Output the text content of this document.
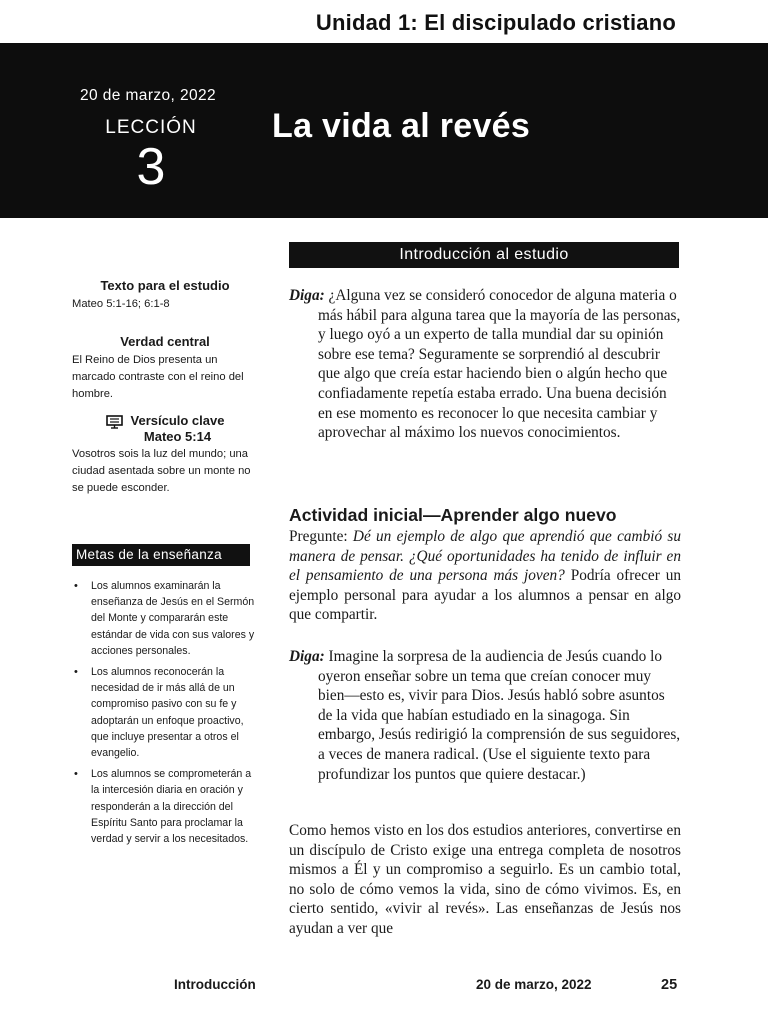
Unidad 1: El discipulado cristiano
20 de marzo, 2022
LECCIÓN
3
La vida al revés
Texto para el estudio

Mateo 5:1-16; 6:1-8

Verdad central

El Reino de Dios presenta un marcado contraste con el reino del hombre.

Versículo clave
Mateo 5:14

Vosotros sois la luz del mundo; una ciudad asentada sobre un monte no se puede esconder.

Metas de la enseñanza
• Los alumnos examinarán la enseñanza de Jesús en el Sermón del Monte y compararán este estándar de vida con sus valores y acciones personales.
• Los alumnos reconocerán la necesidad de ir más allá de un compromiso pasivo con su fe y adoptarán un enfoque proactivo, que incluye presentar a otros el evangelio.
• Los alumnos se comprometerán a la intercesión diaria en oración y responderán a la dirección del Espíritu Santo para proclamar la verdad y servir a los necesitados.
Introducción al estudio

Diga: ¿Alguna vez se consideró conocedor de alguna materia o más hábil para alguna tarea que la mayoría de las personas, y luego oyó a un experto de talla mundial dar su opinión sobre ese tema? Seguramente se sorprendió al descubrir que algo que creía estar haciendo bien o algún hecho que confiadamente repetía estaba errado. Una buena decisión en ese momento es reconocer lo que necesita cambiar y aprovechar al máximo los nuevos conocimientos.

Actividad inicial—Aprender algo nuevo

Pregunte: Dé un ejemplo de algo que aprendió que cambió su manera de pensar. ¿Qué oportunidades ha tenido de influir en el pensamiento de una persona más joven? Podría ofrecer un ejemplo personal para ayudar a los alumnos a pensar en algo que compartir.

Diga: Imagine la sorpresa de la audiencia de Jesús cuando lo oyeron enseñar sobre un tema que creían conocer muy bien—esto es, vivir para Dios. Jesús habló sobre asuntos de la vida que habían estudiado en la sinagoga. Sin embargo, Jesús redirigió la comprensión de sus seguidores, a veces de manera radical. (Use el siguiente texto para profundizar los puntos que quiere destacar.)

Como hemos visto en los dos estudios anteriores, convertirse en un discípulo de Cristo exige una entrega completa de nosotros mismos a Él y un compromiso a seguirlo. Es un cambio total, no solo de cómo vemos la vida, sino de cómo vivimos. Es, en cierto sentido, «vivir al revés». Las enseñanzas de Jesús nos ayudan a ver que

Introducción	20 de marzo, 2022	25
